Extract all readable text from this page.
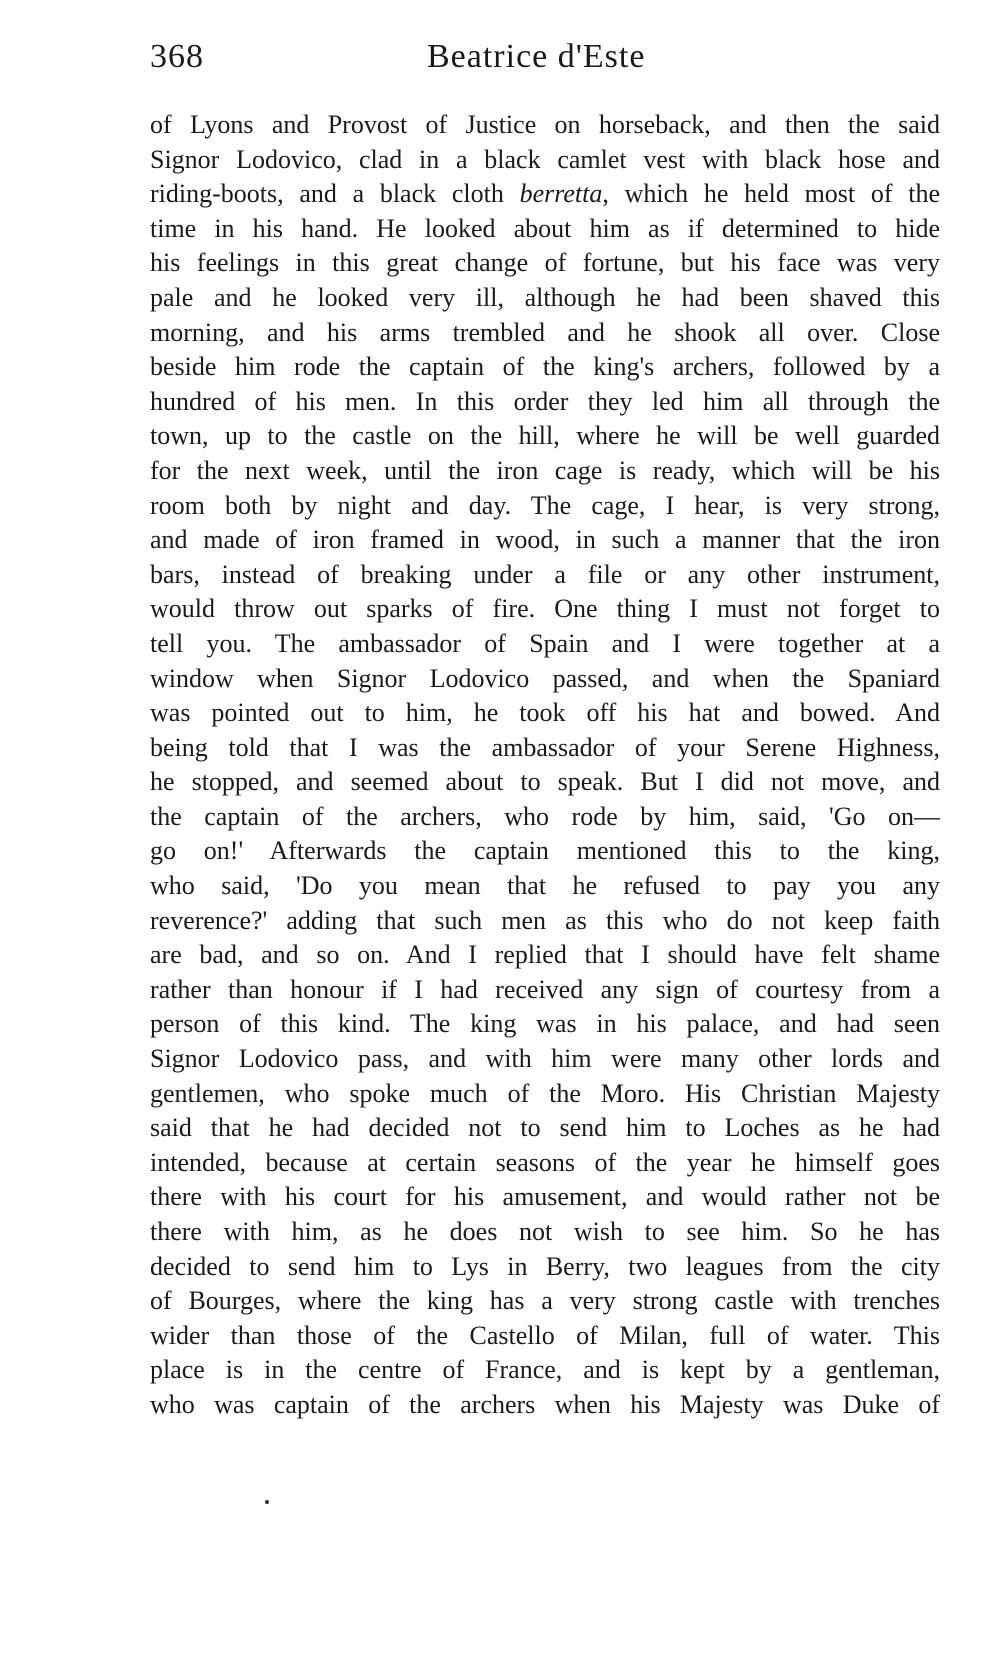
368	Beatrice d'Este
of Lyons and Provost of Justice on horseback, and then the said
Signor Lodovico, clad in a black camlet vest with black hose and
riding-boots, and a black cloth berretta, which he held most of the
time in his hand. He looked about him as if determined to hide
his feelings in this great change of fortune, but his face was very
pale and he looked very ill, although he had been shaved this
morning, and his arms trembled and he shook all over. Close
beside him rode the captain of the king's archers, followed by a
hundred of his men. In this order they led him all through the
town, up to the castle on the hill, where he will be well guarded
for the next week, until the iron cage is ready, which will be his
room both by night and day. The cage, I hear, is very strong,
and made of iron framed in wood, in such a manner that the iron
bars, instead of breaking under a file or any other instrument,
would throw out sparks of fire. One thing I must not forget to
tell you. The ambassador of Spain and I were together at a
window when Signor Lodovico passed, and when the Spaniard
was pointed out to him, he took off his hat and bowed. And
being told that I was the ambassador of your Serene Highness,
he stopped, and seemed about to speak. But I did not move, and
the captain of the archers, who rode by him, said, 'Go on—
go on!' Afterwards the captain mentioned this to the king,
who said, 'Do you mean that he refused to pay you any
reverence?' adding that such men as this who do not keep faith
are bad, and so on. And I replied that I should have felt shame
rather than honour if I had received any sign of courtesy from a
person of this kind. The king was in his palace, and had seen
Signor Lodovico pass, and with him were many other lords and
gentlemen, who spoke much of the Moro. His Christian Majesty
said that he had decided not to send him to Loches as he had
intended, because at certain seasons of the year he himself goes
there with his court for his amusement, and would rather not be
there with him, as he does not wish to see him. So he has
decided to send him to Lys in Berry, two leagues from the city
of Bourges, where the king has a very strong castle with trenches
wider than those of the Castello of Milan, full of water. This
place is in the centre of France, and is kept by a gentleman,
who was captain of the archers when his Majesty was Duke of
